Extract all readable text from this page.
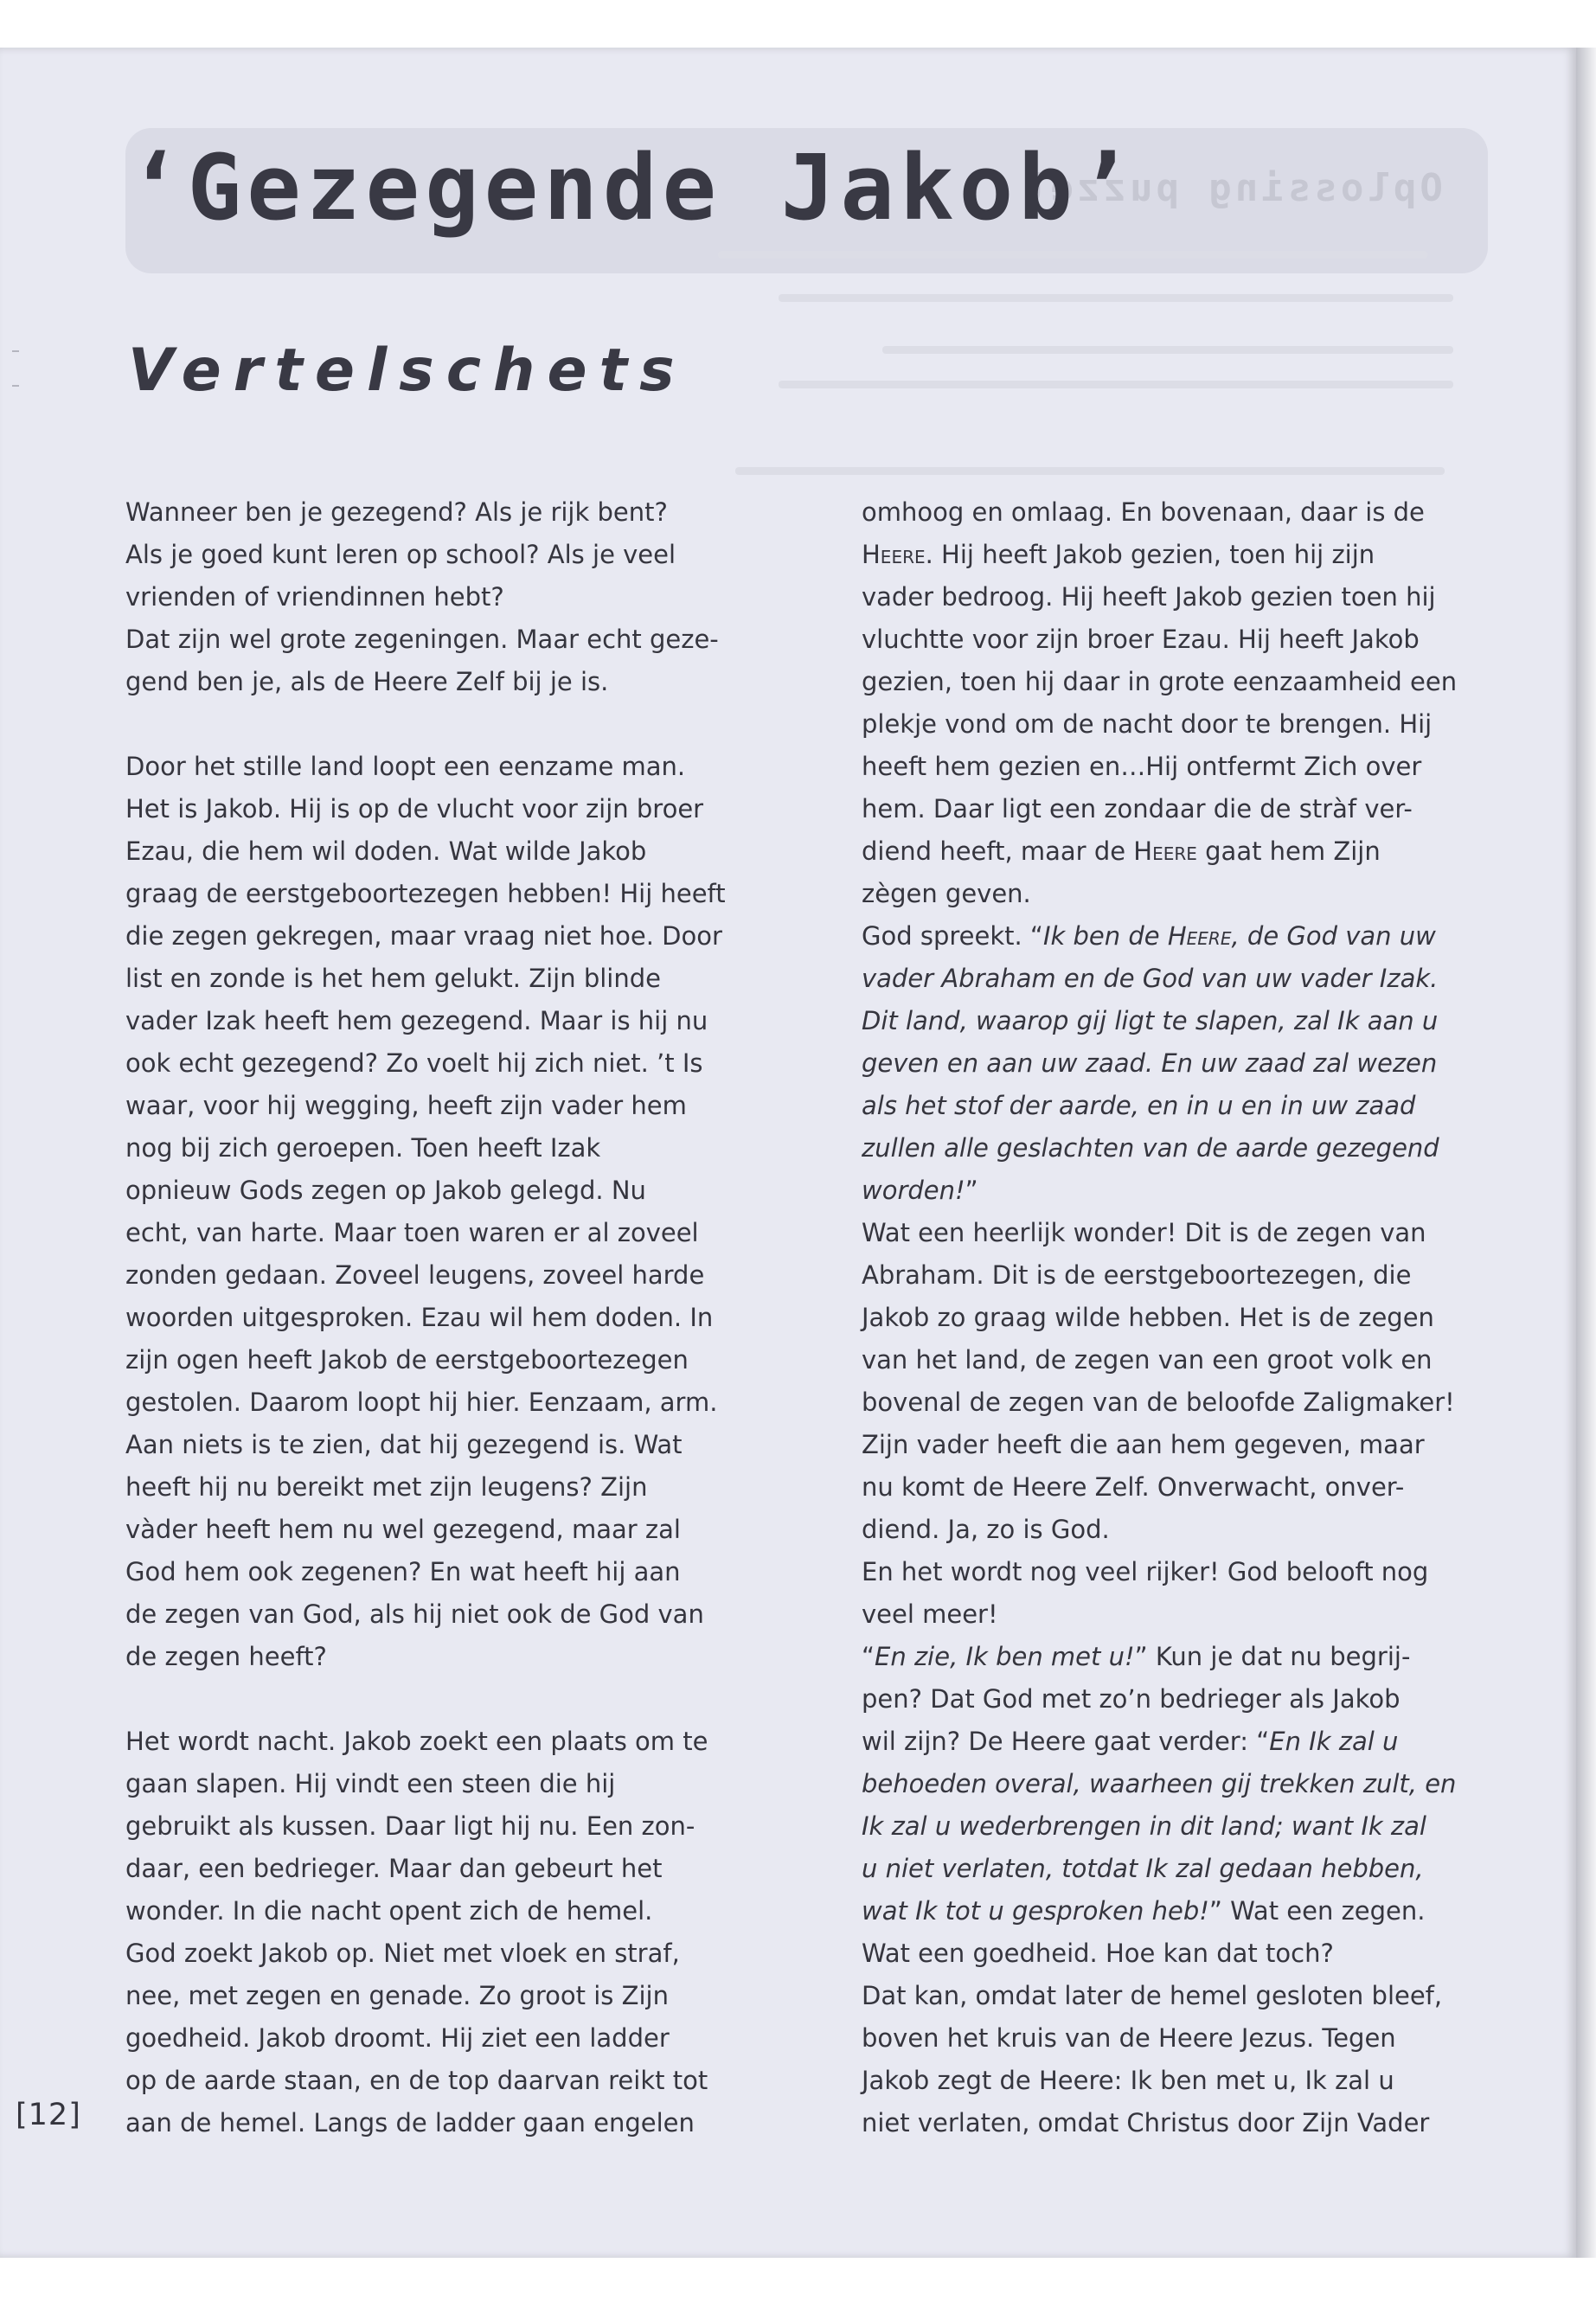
Oplossing puzzel
‘Gezegende Jakob’
Vertelschets
Wanneer ben je gezegend? Als je rijk bent?
Als je goed kunt leren op school? Als je veel
vrienden of vriendinnen hebt?
Dat zijn wel grote zegeningen. Maar echt geze-
gend ben je, als de Heere Zelf bij je is.
Door het stille land loopt een eenzame man.
Het is Jakob. Hij is op de vlucht voor zijn broer
Ezau, die hem wil doden. Wat wilde Jakob
graag de eerstgeboortezegen hebben! Hij heeft
die zegen gekregen, maar vraag niet hoe. Door
list en zonde is het hem gelukt. Zijn blinde
vader Izak heeft hem gezegend. Maar is hij nu
ook echt gezegend? Zo voelt hij zich niet. ’t Is
waar, voor hij wegging, heeft zijn vader hem
nog bij zich geroepen. Toen heeft Izak
opnieuw Gods zegen op Jakob gelegd. Nu
echt, van harte. Maar toen waren er al zoveel
zonden gedaan. Zoveel leugens, zoveel harde
woorden uitgesproken. Ezau wil hem doden. In
zijn ogen heeft Jakob de eerstgeboortezegen
gestolen. Daarom loopt hij hier. Eenzaam, arm.
Aan niets is te zien, dat hij gezegend is. Wat
heeft hij nu bereikt met zijn leugens? Zijn
vàder heeft hem nu wel gezegend, maar zal
God hem ook zegenen? En wat heeft hij aan
de zegen van God, als hij niet ook de God van
de zegen heeft?
Het wordt nacht. Jakob zoekt een plaats om te
gaan slapen. Hij vindt een steen die hij
gebruikt als kussen. Daar ligt hij nu. Een zon-
daar, een bedrieger. Maar dan gebeurt het
wonder. In die nacht opent zich de hemel.
God zoekt Jakob op. Niet met vloek en straf,
nee, met zegen en genade. Zo groot is Zijn
goedheid. Jakob droomt. Hij ziet een ladder
op de aarde staan, en de top daarvan reikt tot
aan de hemel. Langs de ladder gaan engelen
omhoog en omlaag. En bovenaan, daar is de
Heere. Hij heeft Jakob gezien, toen hij zijn
vader bedroog. Hij heeft Jakob gezien toen hij
vluchtte voor zijn broer Ezau. Hij heeft Jakob
gezien, toen hij daar in grote eenzaamheid een
plekje vond om de nacht door te brengen. Hij
heeft hem gezien en…Hij ontfermt Zich over
hem. Daar ligt een zondaar die de stràf ver-
diend heeft, maar de Heere gaat hem Zijn
zègen geven.
God spreekt. “Ik ben de Heere, de God van uw
vader Abraham en de God van uw vader Izak.
Dit land, waarop gij ligt te slapen, zal Ik aan u
geven en aan uw zaad. En uw zaad zal wezen
als het stof der aarde, en in u en in uw zaad
zullen alle geslachten van de aarde gezegend
worden!”
Wat een heerlijk wonder! Dit is de zegen van
Abraham. Dit is de eerstgeboortezegen, die
Jakob zo graag wilde hebben. Het is de zegen
van het land, de zegen van een groot volk en
bovenal de zegen van de beloofde Zaligmaker!
Zijn vader heeft die aan hem gegeven, maar
nu komt de Heere Zelf. Onverwacht, onver-
diend. Ja, zo is God.
En het wordt nog veel rijker! God belooft nog
veel meer!
“En zie, Ik ben met u!” Kun je dat nu begrij-
pen? Dat God met zo’n bedrieger als Jakob
wil zijn? De Heere gaat verder: “En Ik zal u
behoeden overal, waarheen gij trekken zult, en
Ik zal u wederbrengen in dit land; want Ik zal
u niet verlaten, totdat Ik zal gedaan hebben,
wat Ik tot u gesproken heb!” Wat een zegen.
Wat een goedheid. Hoe kan dat toch?
Dat kan, omdat later de hemel gesloten bleef,
boven het kruis van de Heere Jezus. Tegen
Jakob zegt de Heere: Ik ben met u, Ik zal u
niet verlaten, omdat Christus door Zijn Vader
[12]
